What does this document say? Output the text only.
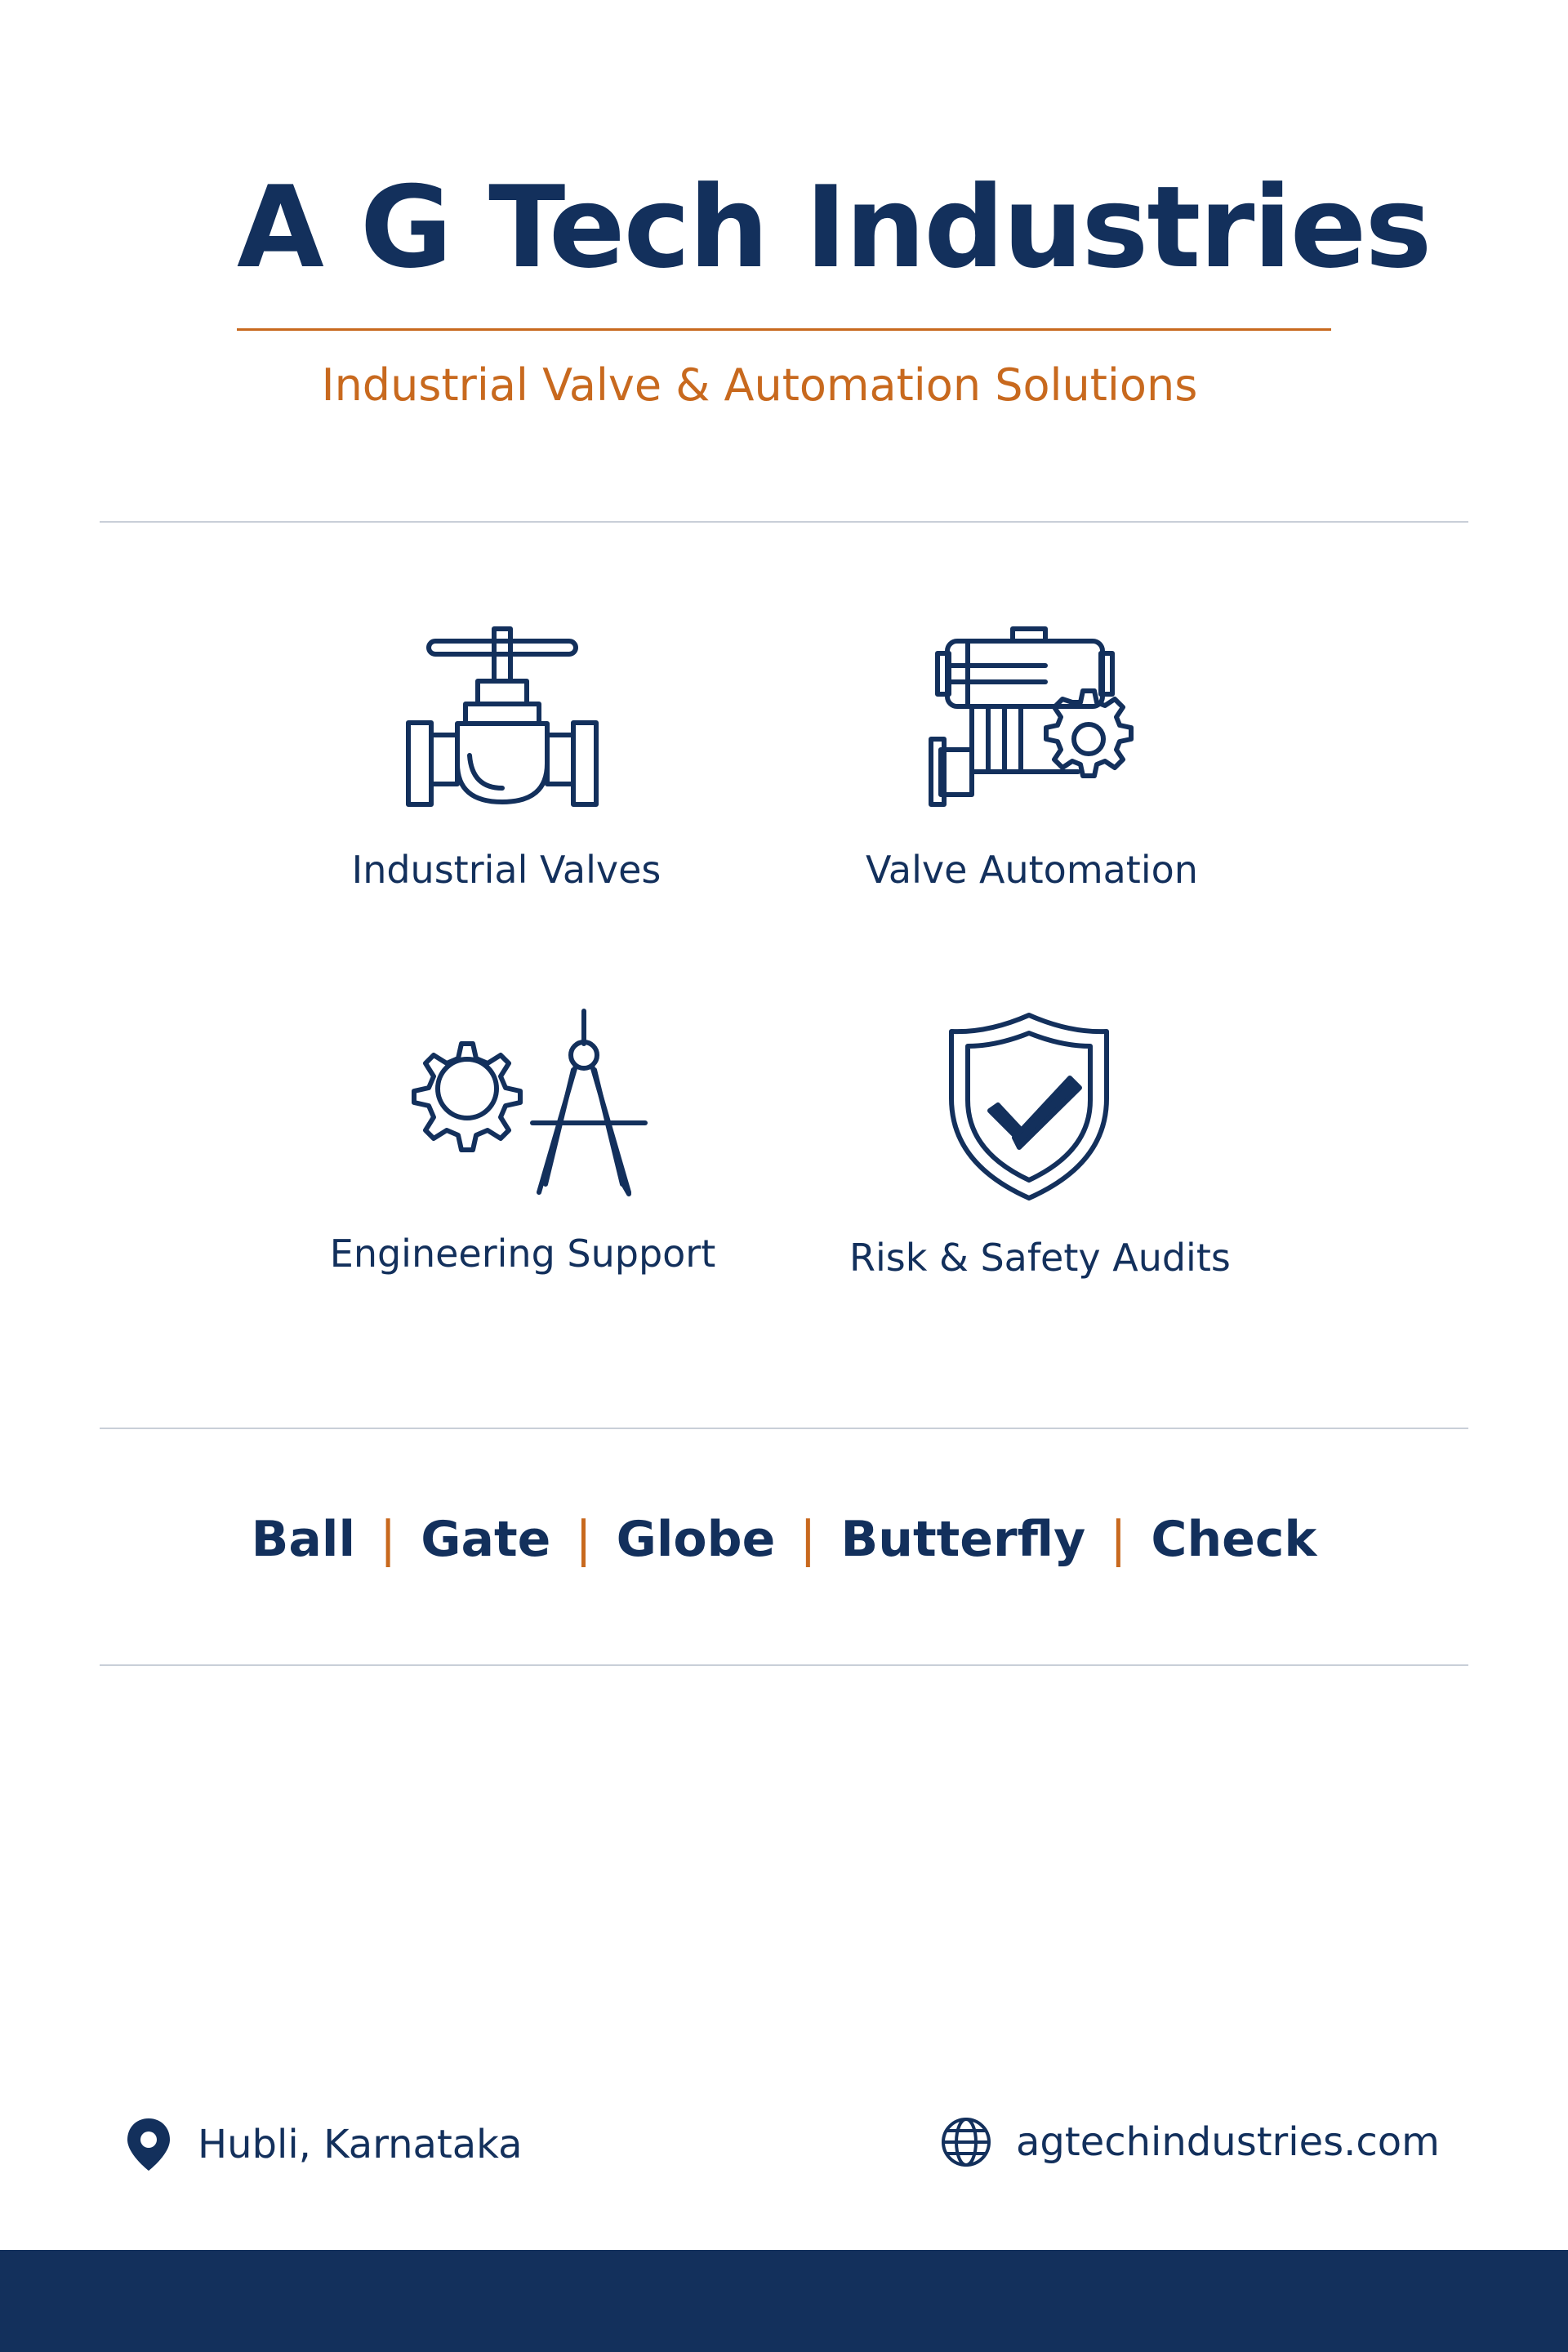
A G Tech Industries
Industrial Valve & Automation Solutions
Industrial Valves	Valve Automation
Engineering Support	Risk & Safety Audits
Ball | Gate | Globe | Butterfly | Check
Hubli, Karnataka	agtechindustries.com
